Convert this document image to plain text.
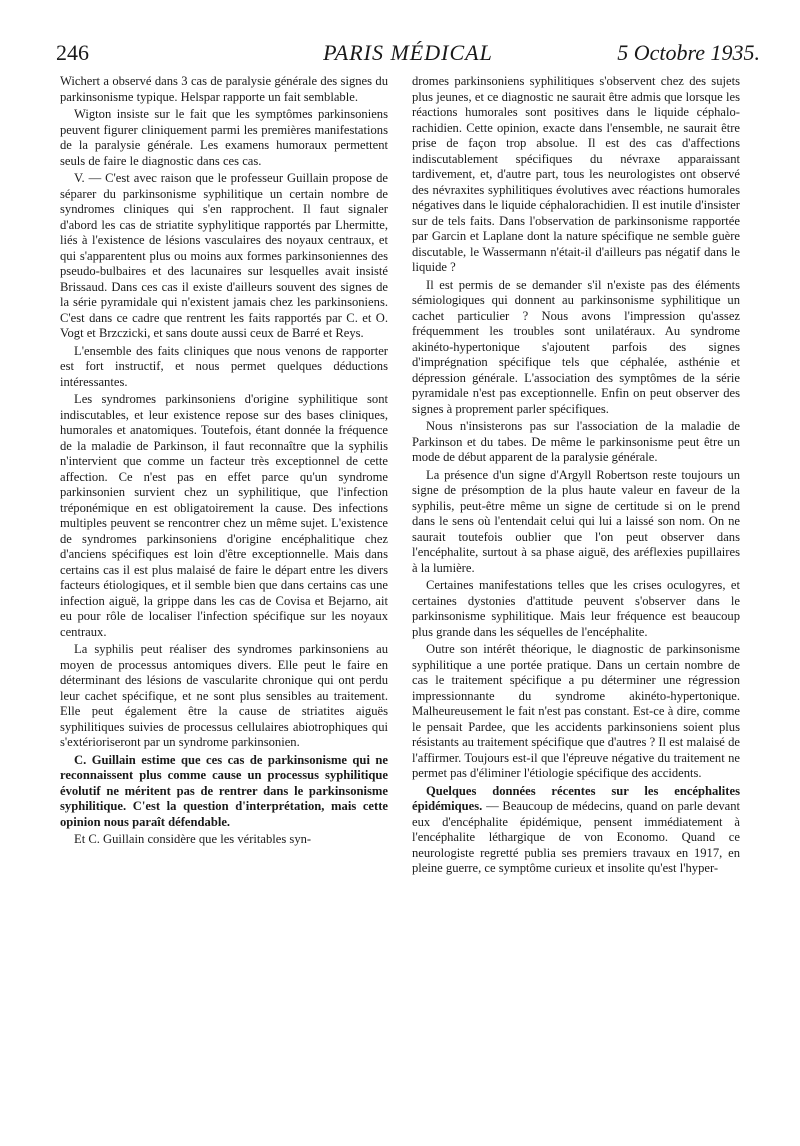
246	PARIS MÉDICAL	5 Octobre 1935.

Wichert a observé dans 3 cas de paralysie générale des signes du parkinsonisme typique. Helspar rapporte un fait semblable.

Wigton insiste sur le fait que les symptômes parkinsoniens peuvent figurer cliniquement parmi les premières manifestations de la paralysie générale. Les examens humoraux permettent seuls de faire le diagnostic dans ces cas.

V. — C'est avec raison que le professeur Guillain propose de séparer du parkinsonisme syphilitique un certain nombre de syndromes cliniques qui s'en rapprochent. Il faut signaler d'abord les cas de striatite syphylitique rapportés par Lhermitte, liés à l'existence de lésions vasculaires des noyaux centraux, et qui s'apparentent plus ou moins aux formes parkinsoniennes des pseudo-bulbaires et des lacunaires sur lesquelles avait insisté Brissaud. Dans ces cas il existe d'ailleurs souvent des signes de la série pyramidale qui n'existent jamais chez les parkinsoniens. C'est dans ce cadre que rentrent les faits rapportés par C. et O. Vogt et Brzczicki, et sans doute aussi ceux de Barré et Reys.

L'ensemble des faits cliniques que nous venons de rapporter est fort instructif, et nous permet quelques déductions intéressantes.

Les syndromes parkinsoniens d'origine syphilitique sont indiscutables, et leur existence repose sur des bases cliniques, humorales et anatomiques. Toutefois, étant donnée la fréquence de la maladie de Parkinson, il faut reconnaître que la syphilis n'intervient que comme un facteur très exceptionnel de cette affection. Ce n'est pas en effet parce qu'un syndrome parkinsonien survient chez un syphilitique, que l'infection tréponémique en est obligatoirement la cause. Des infections multiples peuvent se rencontrer chez un même sujet. L'existence de syndromes parkinsoniens d'origine encéphalitique chez d'anciens spécifiques est loin d'être exceptionnelle. Mais dans certains cas il est plus malaisé de faire le départ entre les divers facteurs étiologiques, et il semble bien que dans certains cas une infection aiguë, la grippe dans les cas de Covisa et Bejarno, ait eu pour rôle de localiser l'infection spécifique sur les noyaux centraux.

La syphilis peut réaliser des syndromes parkinsoniens au moyen de processus antomiques divers. Elle peut le faire en déterminant des lésions de vascularite chronique qui ont perdu leur cachet spécifique, et ne sont plus sensibles au traitement. Elle peut également être la cause de striatites aiguës syphilitiques suivies de processus cellulaires abiotrophiques qui s'extérioriseront par un syndrome parkinsonien.

C. Guillain estime que ces cas de parkinsonisme qui ne reconnaissent plus comme cause un processus syphilitique évolutif ne méritent pas de rentrer dans le parkinsonisme syphilitique. C'est la question d'interprétation, mais cette opinion nous paraît défendable.

Et C. Guillain considère que les véritables syn-

dromes parkinsoniens syphilitiques s'observent chez des sujets plus jeunes, et ce diagnostic ne saurait être admis que lorsque les réactions humorales sont positives dans le liquide céphalo-rachidien. Cette opinion, exacte dans l'ensemble, ne saurait être prise de façon trop absolue. Il est des cas d'affections indiscutablement spécifiques du névraxe apparaissant tardivement, et, d'autre part, tous les neurologistes ont observé des névraxites syphilitiques évolutives avec réactions humorales négatives dans le liquide céphalorachidien. Il est inutile d'insister sur de tels faits. Dans l'observation de parkinsonisme rapportée par Garcin et Laplane dont la nature spécifique ne semble guère discutable, le Wassermann n'était-il d'ailleurs pas négatif dans le liquide ?

Il est permis de se demander s'il n'existe pas des éléments sémiologiques qui donnent au parkinsonisme syphilitique un cachet particulier ? Nous avons l'impression qu'assez fréquemment les troubles sont unilatéraux. Au syndrome akinéto-hypertonique s'ajoutent parfois des signes d'imprégnation spécifique tels que céphalée, asthénie et dépression générale. L'association des symptômes de la série pyramidale n'est pas exceptionnelle. Enfin on peut observer des signes à proprement parler spécifiques.

Nous n'insisterons pas sur l'association de la maladie de Parkinson et du tabes. De même le parkinsonisme peut être un mode de début apparent de la paralysie générale.

La présence d'un signe d'Argyll Robertson reste toujours un signe de présomption de la plus haute valeur en faveur de la syphilis, peut-être même un signe de certitude si on le prend dans le sens où l'entendait celui qui lui a laissé son nom. On ne saurait toutefois oublier que l'on peut observer dans l'encéphalite, surtout à sa phase aiguë, des aréflexies pupillaires à la lumière.

Certaines manifestations telles que les crises oculogyres, et certaines dystonies d'attitude peuvent s'observer dans le parkinsonisme syphilitique. Mais leur fréquence est beaucoup plus grande dans les séquelles de l'encéphalite.

Outre son intérêt théorique, le diagnostic de parkinsonisme syphilitique a une portée pratique. Dans un certain nombre de cas le traitement spécifique a pu déterminer une régression impressionnante du syndrome akinéto-hypertonique. Malheureusement le fait n'est pas constant. Est-ce à dire, comme le pensait Pardee, que les accidents parkinsoniens soient plus résistants au traitement spécifique que d'autres ? Il est malaisé de l'affirmer. Toujours est-il que l'épreuve négative du traitement ne permet pas d'éliminer l'étiologie spécifique des accidents.

Quelques données récentes sur les encéphalites épidémiques. — Beaucoup de médecins, quand on parle devant eux d'encéphalite épidémique, pensent immédiatement à l'encéphalite léthargique de von Economo. Quand ce neurologiste regretté publia ses premiers travaux en 1917, en pleine guerre, ce symptôme curieux et insolite qu'est l'hyper-
